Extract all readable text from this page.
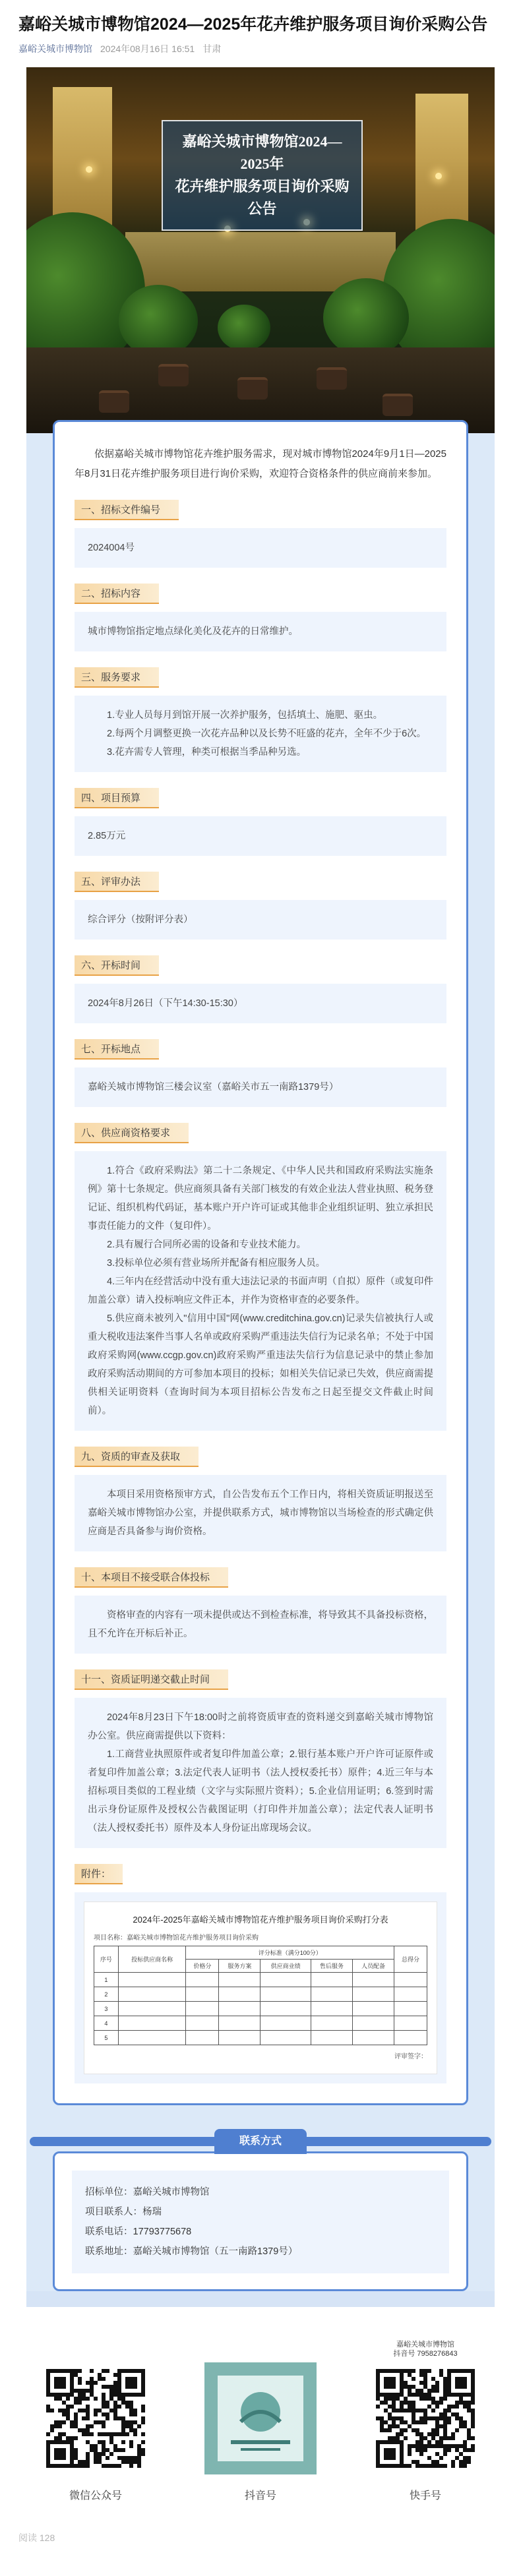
嘉峪关城市博物馆2024—2025年花卉维护服务项目询价采购公告
嘉峪关城市博物馆 2024年08月16日 16:51 甘肃
嘉峪关城市博物馆2024—2025年
花卉维护服务项目询价采购公告

依据嘉峪关城市博物馆花卉维护服务需求，现对城市博物馆2024年9月1日—2025年8月31日花卉维护服务项目进行询价采购，欢迎符合资格条件的供应商前来参加。

一、招标文件编号

2024004号

二、招标内容

城市博物馆指定地点绿化美化及花卉的日常维护。

三、服务要求

1.专业人员每月到馆开展一次养护服务，包括填土、施肥、驱虫。

2.每两个月调整更换一次花卉品种以及长势不旺盛的花卉，全年不少于6次。

3.花卉需专人管理，种类可根据当季品种另选。

四、项目预算

2.85万元

五、评审办法

综合评分（按附评分表）

六、开标时间

2024年8月26日（下午14:30-15:30）

七、开标地点

嘉峪关城市博物馆三楼会议室（嘉峪关市五一南路1379号）

八、供应商资格要求

1.符合《政府采购法》第二十二条规定、《中华人民共和国政府采购法实施条例》第十七条规定。供应商须具备有关部门核发的有效企业法人营业执照、税务登记证、组织机构代码证，基本账户开户许可证或其他非企业组织证明、独立承担民事责任能力的文件（复印件）。

2.具有履行合同所必需的设备和专业技术能力。

3.投标单位必须有营业场所并配备有相应服务人员。

4.三年内在经营活动中没有重大违法记录的书面声明（自拟）原件（或复印件加盖公章）请入投标响应文件正本，并作为资格审查的必要条件。

5.供应商未被列入"信用中国"网(www.creditchina.gov.cn)记录失信被执行人或重大税收违法案件当事人名单或政府采购严重违法失信行为记录名单；不处于中国政府采购网(www.ccgp.gov.cn)政府采购严重违法失信行为信息记录中的禁止参加政府采购活动期间的方可参加本项目的投标；如相关失信记录已失效，供应商需提供相关证明资料（查询时间为本项目招标公告发布之日起至提交文件截止时间前）。

九、资质的审查及获取

本项目采用资格预审方式，自公告发布五个工作日内，将相关资质证明报送至嘉峪关城市博物馆办公室，并提供联系方式，城市博物馆以当场检查的形式确定供应商是否具备参与询价资格。

十、本项目不接受联合体投标

资格审查的内容有一项未提供或达不到检查标准，将导致其不具备投标资格，且不允许在开标后补正。

十一、资质证明递交截止时间

2024年8月23日下午18:00时之前将资质审查的资料递交到嘉峪关城市博物馆办公室。供应商需提供以下资料：

1.工商营业执照原件或者复印件加盖公章；2.银行基本账户开户许可证原件或者复印件加盖公章；3.法定代表人证明书（法人授权委托书）原件；4.近三年与本招标项目类似的工程业绩（文字与实际照片资料）；5.企业信用证明；6.签到时需出示身份证原件及授权公告截图证明（打印件并加盖公章）；法定代表人证明书（法人授权委托书）原件及本人身份证出席现场会议。

附件：
2024年-2025年嘉峪关城市博物馆花卉维护服务项目询价采购打分表
项目名称：嘉峪关城市博物馆花卉维护服务项目询价采购
序号	投标供应商名称	评分标准（满分100分）					总得分
		价格分	服务方案	供应商业绩	售后服务	人员配备	
1							
2							
3							
4							
5							
评审签字：
联系方式
招标单位：嘉峪关城市博物馆
项目联系人：杨瑞
联系电话：17793775678
联系地址：嘉峪关城市博物馆（五一南路1379号）
微信公众号	抖音号
嘉峪关城市博物馆
抖音号 7958276843
快手号
阅读 128
